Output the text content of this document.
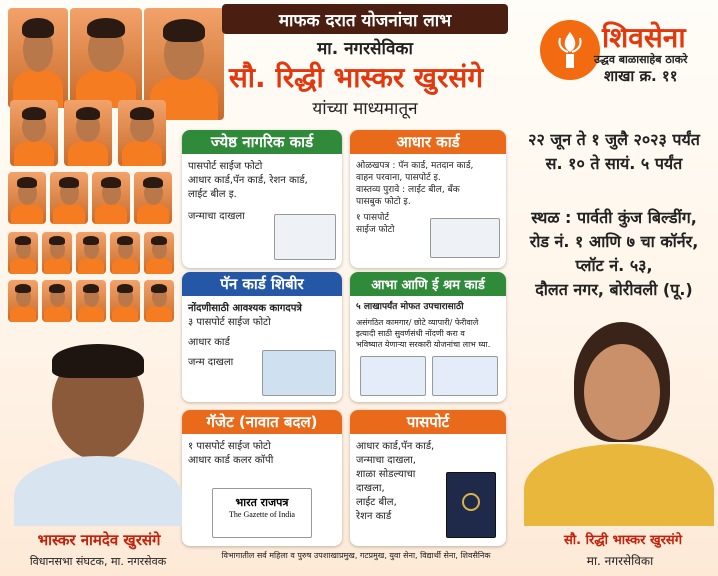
माफक दरात योजनांचा लाभ
मा. नगरसेविका
सौ. रिद्धी भास्कर खुरसंगे
यांच्या माध्यमातून
शिवसेना
उद्धव बाळासाहेब ठाकरे
शाखा क्र. ११
ज्येष्ठ नागरिक कार्ड
पासपोर्ट साईज फोटो
आधार कार्ड,पॅन कार्ड, रेशन कार्ड,
लाईट बील इ.
जन्माचा दाखला
आधार कार्ड
ओळखपत्र : पॅन कार्ड, मतदान कार्ड,
वाहन परवाना, पासपोर्ट इ.
वास्तव्य पुरावे : लाईट बील, बँक
पासबुक फोटो इ.
१ पासपोर्ट
साईज फोटो
पॅन कार्ड शिबीर
नोंदणीसाठी आवश्यक कागदपत्रे
३ पासपोर्ट साईज फोटो
आधार कार्ड
जन्म दाखला
आभा आणि ई श्रम कार्ड
५ लाखापर्यंत मोफत उपचारासाठी
असंगठित कामगार/ छोटे व्यापारी/ फेरीवाले
इत्यादी साठी सुवर्णसंधी नोंदणी करा व
भविष्यात येणाऱ्या सरकारी योजनांचा लाभ घ्या.
गॅजेट (नावात बदल)
१ पासपोर्ट साईज फोटो
आधार कार्ड कलर कॉपी
भारत राजपत्र
The Gazette of India
पासपोर्ट
आधार कार्ड,पॅन कार्ड,
जन्माचा दाखला,
शाळा सोडल्याचा
दाखला,
लाईट बील,
रेशन कार्ड
२२ जून ते १ जुलै २०२३ पर्यंत
स. १० ते सायं. ५ पर्यंत
स्थळ : पार्वती कुंज बिल्डींग,
रोड नं. १ आणि ७ चा कॉर्नर,
प्लॉट नं. ५३,
दौलत नगर, बोरीवली (पू.)
भास्कर नामदेव खुरसंगे
विधानसभा संघटक, मा. नगरसेवक
सौ. रिद्धी भास्कर खुरसंगे
मा. नगरसेविका
विभागातील सर्व महिला व पुरुष उपशाखाप्रमुख, गटप्रमुख, युवा सेना, विद्यार्थी सेना, शिवसैनिक
